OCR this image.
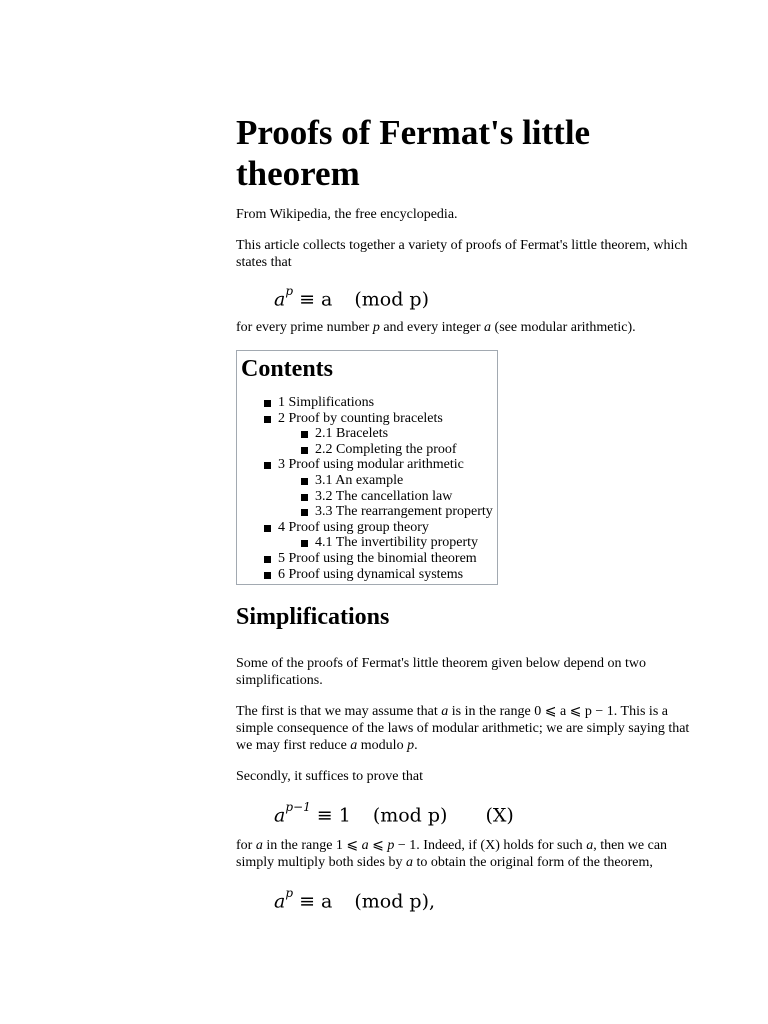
Proofs of Fermat's little theorem

From Wikipedia, the free encyclopedia.

This article collects together a variety of proofs of Fermat's little theorem, which states that

$a^p \equiv a$ (mod p)

for every prime number p and every integer a (see modular arithmetic).

Contents
1 Simplifications
2 Proof by counting bracelets
2.1 Bracelets
2.2 Completing the proof
3 Proof using modular arithmetic
3.1 An example
3.2 The cancellation law
3.3 The rearrangement property
4 Proof using group theory
4.1 The invertibility property
5 Proof using the binomial theorem
6 Proof using dynamical systems
Simplifications

Some of the proofs of Fermat's little theorem given below depend on two simplifications.

The first is that we may assume that a is in the range 0 ⩽ a ⩽ p − 1. This is a simple consequence of the laws of modular arithmetic; we are simply saying that we may first reduce a modulo p.

Secondly, it suffices to prove that

$a^{p-1} \equiv 1$ (mod p) (X)

for a in the range 1 ⩽ a ⩽ p − 1. Indeed, if (X) holds for such a, then we can simply multiply both sides by a to obtain the original form of the theorem,

$a^p \equiv a$ (mod p),
